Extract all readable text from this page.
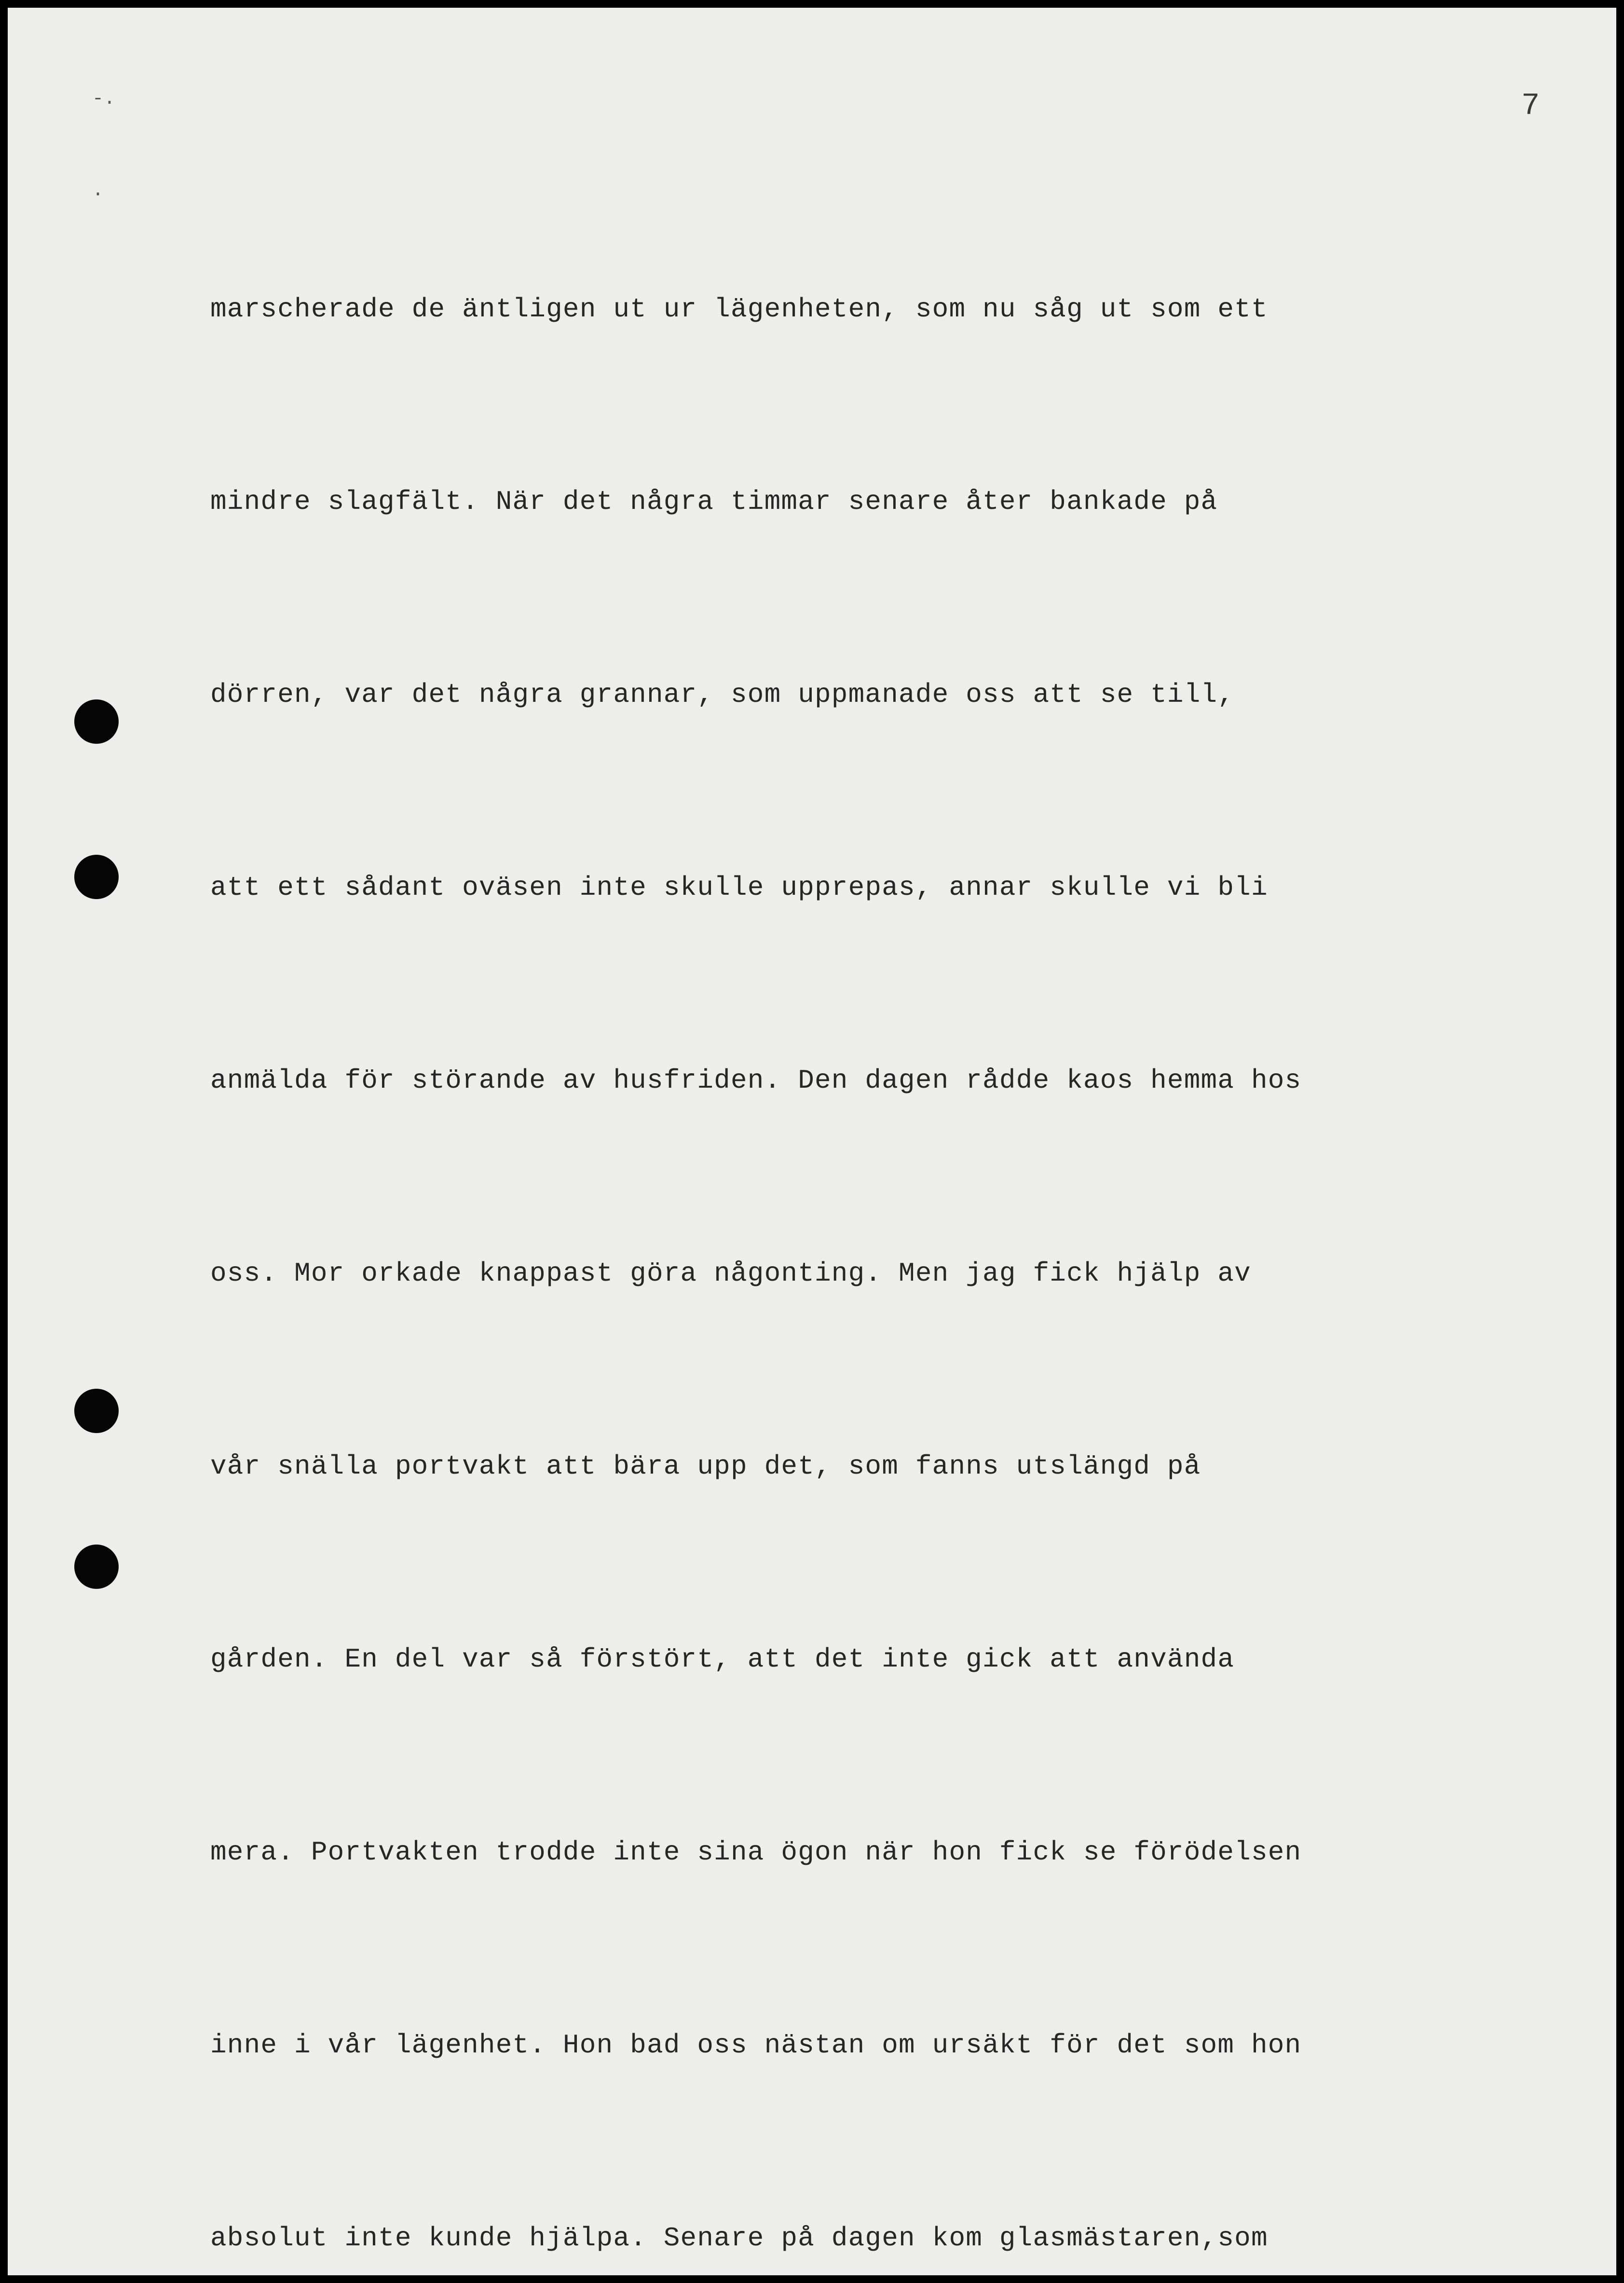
-.
.

7

marscherade de äntligen ut ur lägenheten, som nu såg ut som ett

mindre slagfält. När det några timmar senare åter bankade på

dörren, var det några grannar, som uppmanade oss att se till,

att ett sådant oväsen inte skulle upprepas, annar skulle vi bli

anmälda för störande av husfriden. Den dagen rådde kaos hemma hos

oss. Mor orkade knappast göra någonting. Men jag fick hjälp av

vår snälla portvakt att bära upp det, som fanns utslängd på

gården. En del var så förstört, att det inte gick att använda

mera. Portvakten trodde inte sina ögon när hon fick se förödelsen

inne i vår lägenhet. Hon bad oss nästan om ursäkt för det som hon

absolut inte kunde hjälpa. Senare på dagen kom glasmästaren,som
